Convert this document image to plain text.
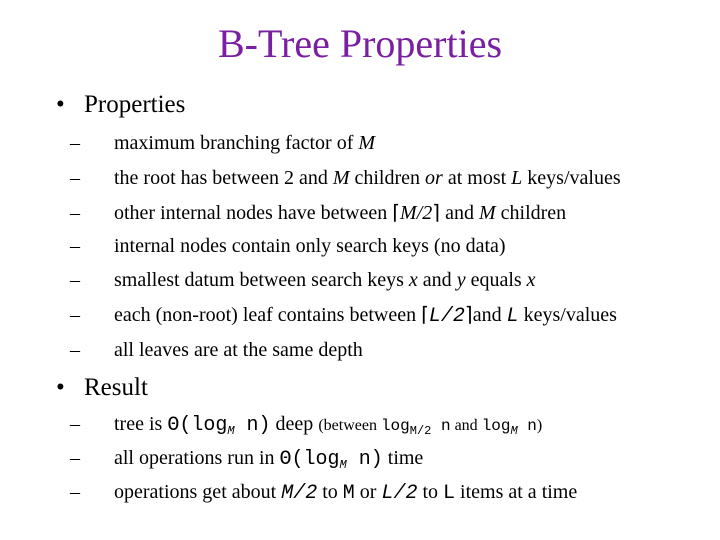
B-Tree Properties
• Properties
– maximum branching factor of M
– the root has between 2 and M children or at most L keys/values
– other internal nodes have between ⌈M/2⌉ and M children
– internal nodes contain only search keys (no data)
– smallest datum between search keys x and y equals x
– each (non-root) leaf contains between ⌈L/2⌉and L keys/values
– all leaves are at the same depth
• Result
– tree is $\Theta(\log_M$ n) deep (between $\log_{M/2} n$ and $\log_M n$)
– all operations run in $\Theta(\log_M$ n) time
– operations get about M/2 to M or L/2 to L items at a time
